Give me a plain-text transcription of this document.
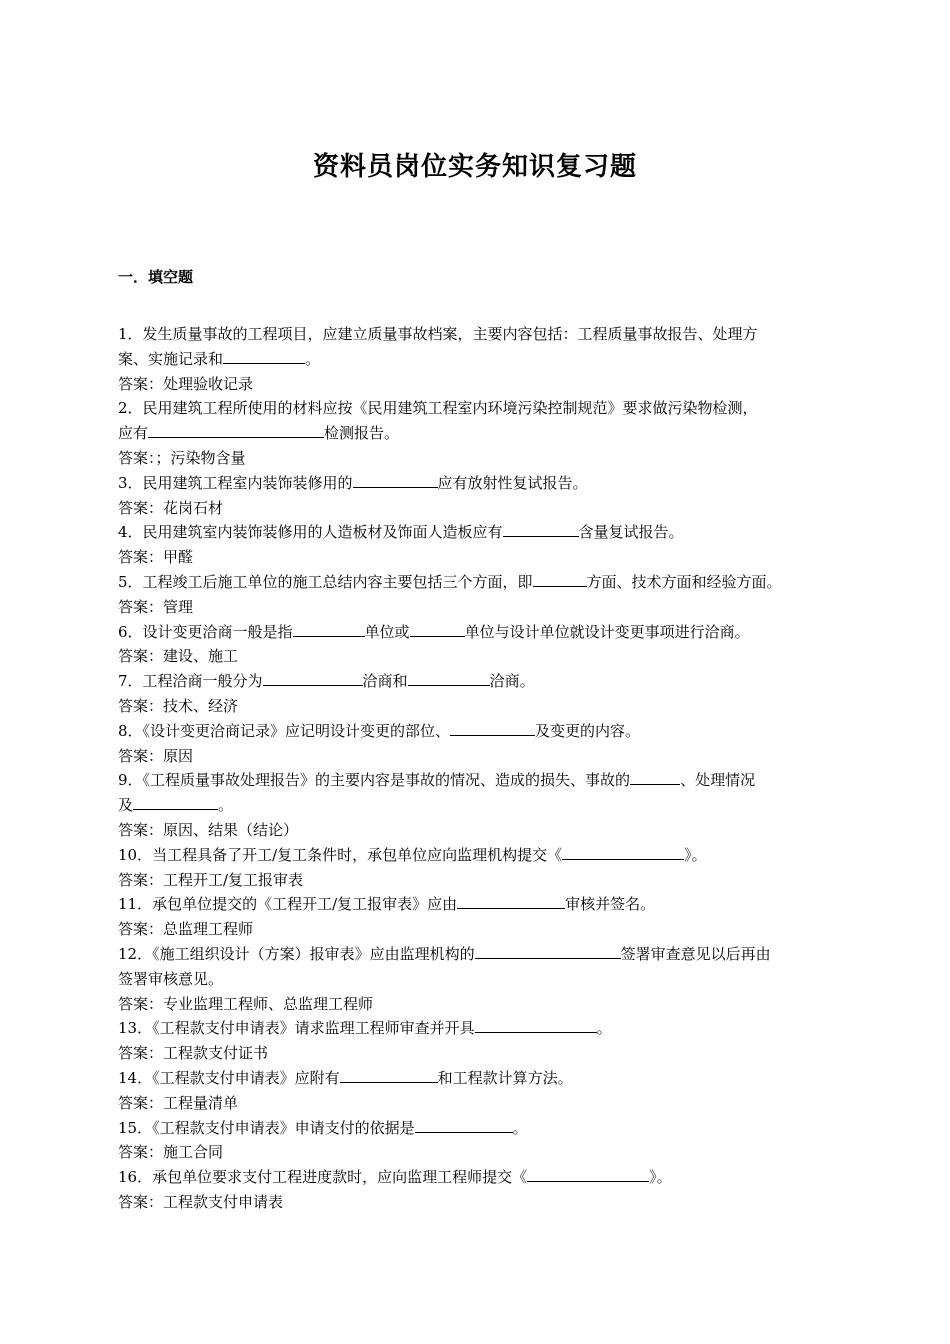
资料员岗位实务知识复习题
一．填空题
1．发生质量事故的工程项目，应建立质量事故档案，主要内容包括：工程质量事故报告、处理方
案、实施记录和	。
答案：处理验收记录
2．民用建筑工程所使用的材料应按《民用建筑工程室内环境污染控制规范》要求做污染物检测，
应有	检测报告。
答案：；污染物含量
3．民用建筑工程室内装饰装修用的	应有放射性复试报告。
答案：花岗石材
4．民用建筑室内装饰装修用的人造板材及饰面人造板应有	含量复试报告。
答案：甲醛
5．工程竣工后施工单位的施工总结内容主要包括三个方面，即	方面、技术方面和经验方面。
答案：管理
6．设计变更洽商一般是指	单位或	单位与设计单位就设计变更事项进行洽商。
答案：建设、施工
7．工程洽商一般分为	洽商和	洽商。
答案：技术、经济
8．《设计变更洽商记录》应记明设计变更的部位、	及变更的内容。
答案：原因
9．《工程质量事故处理报告》的主要内容是事故的情况、造成的损失、事故的	、处理情况
及	。
答案：原因、结果（结论）
10．当工程具备了开工/复工条件时，承包单位应向监理机构提交《	》。
答案：工程开工/复工报审表
11．承包单位提交的《工程开工/复工报审表》应由	审核并签名。
答案：总监理工程师
12．《施工组织设计（方案）报审表》应由监理机构的	签署审查意见以后再由
签署审核意见。
答案：专业监理工程师、总监理工程师
13．《工程款支付申请表》请求监理工程师审查并开具	。
答案：工程款支付证书
14．《工程款支付申请表》应附有	和工程款计算方法。
答案：工程量清单
15．《工程款支付申请表》申请支付的依据是	。
答案：施工合同
16．承包单位要求支付工程进度款时，应向监理工程师提交《	》。
答案：工程款支付申请表
